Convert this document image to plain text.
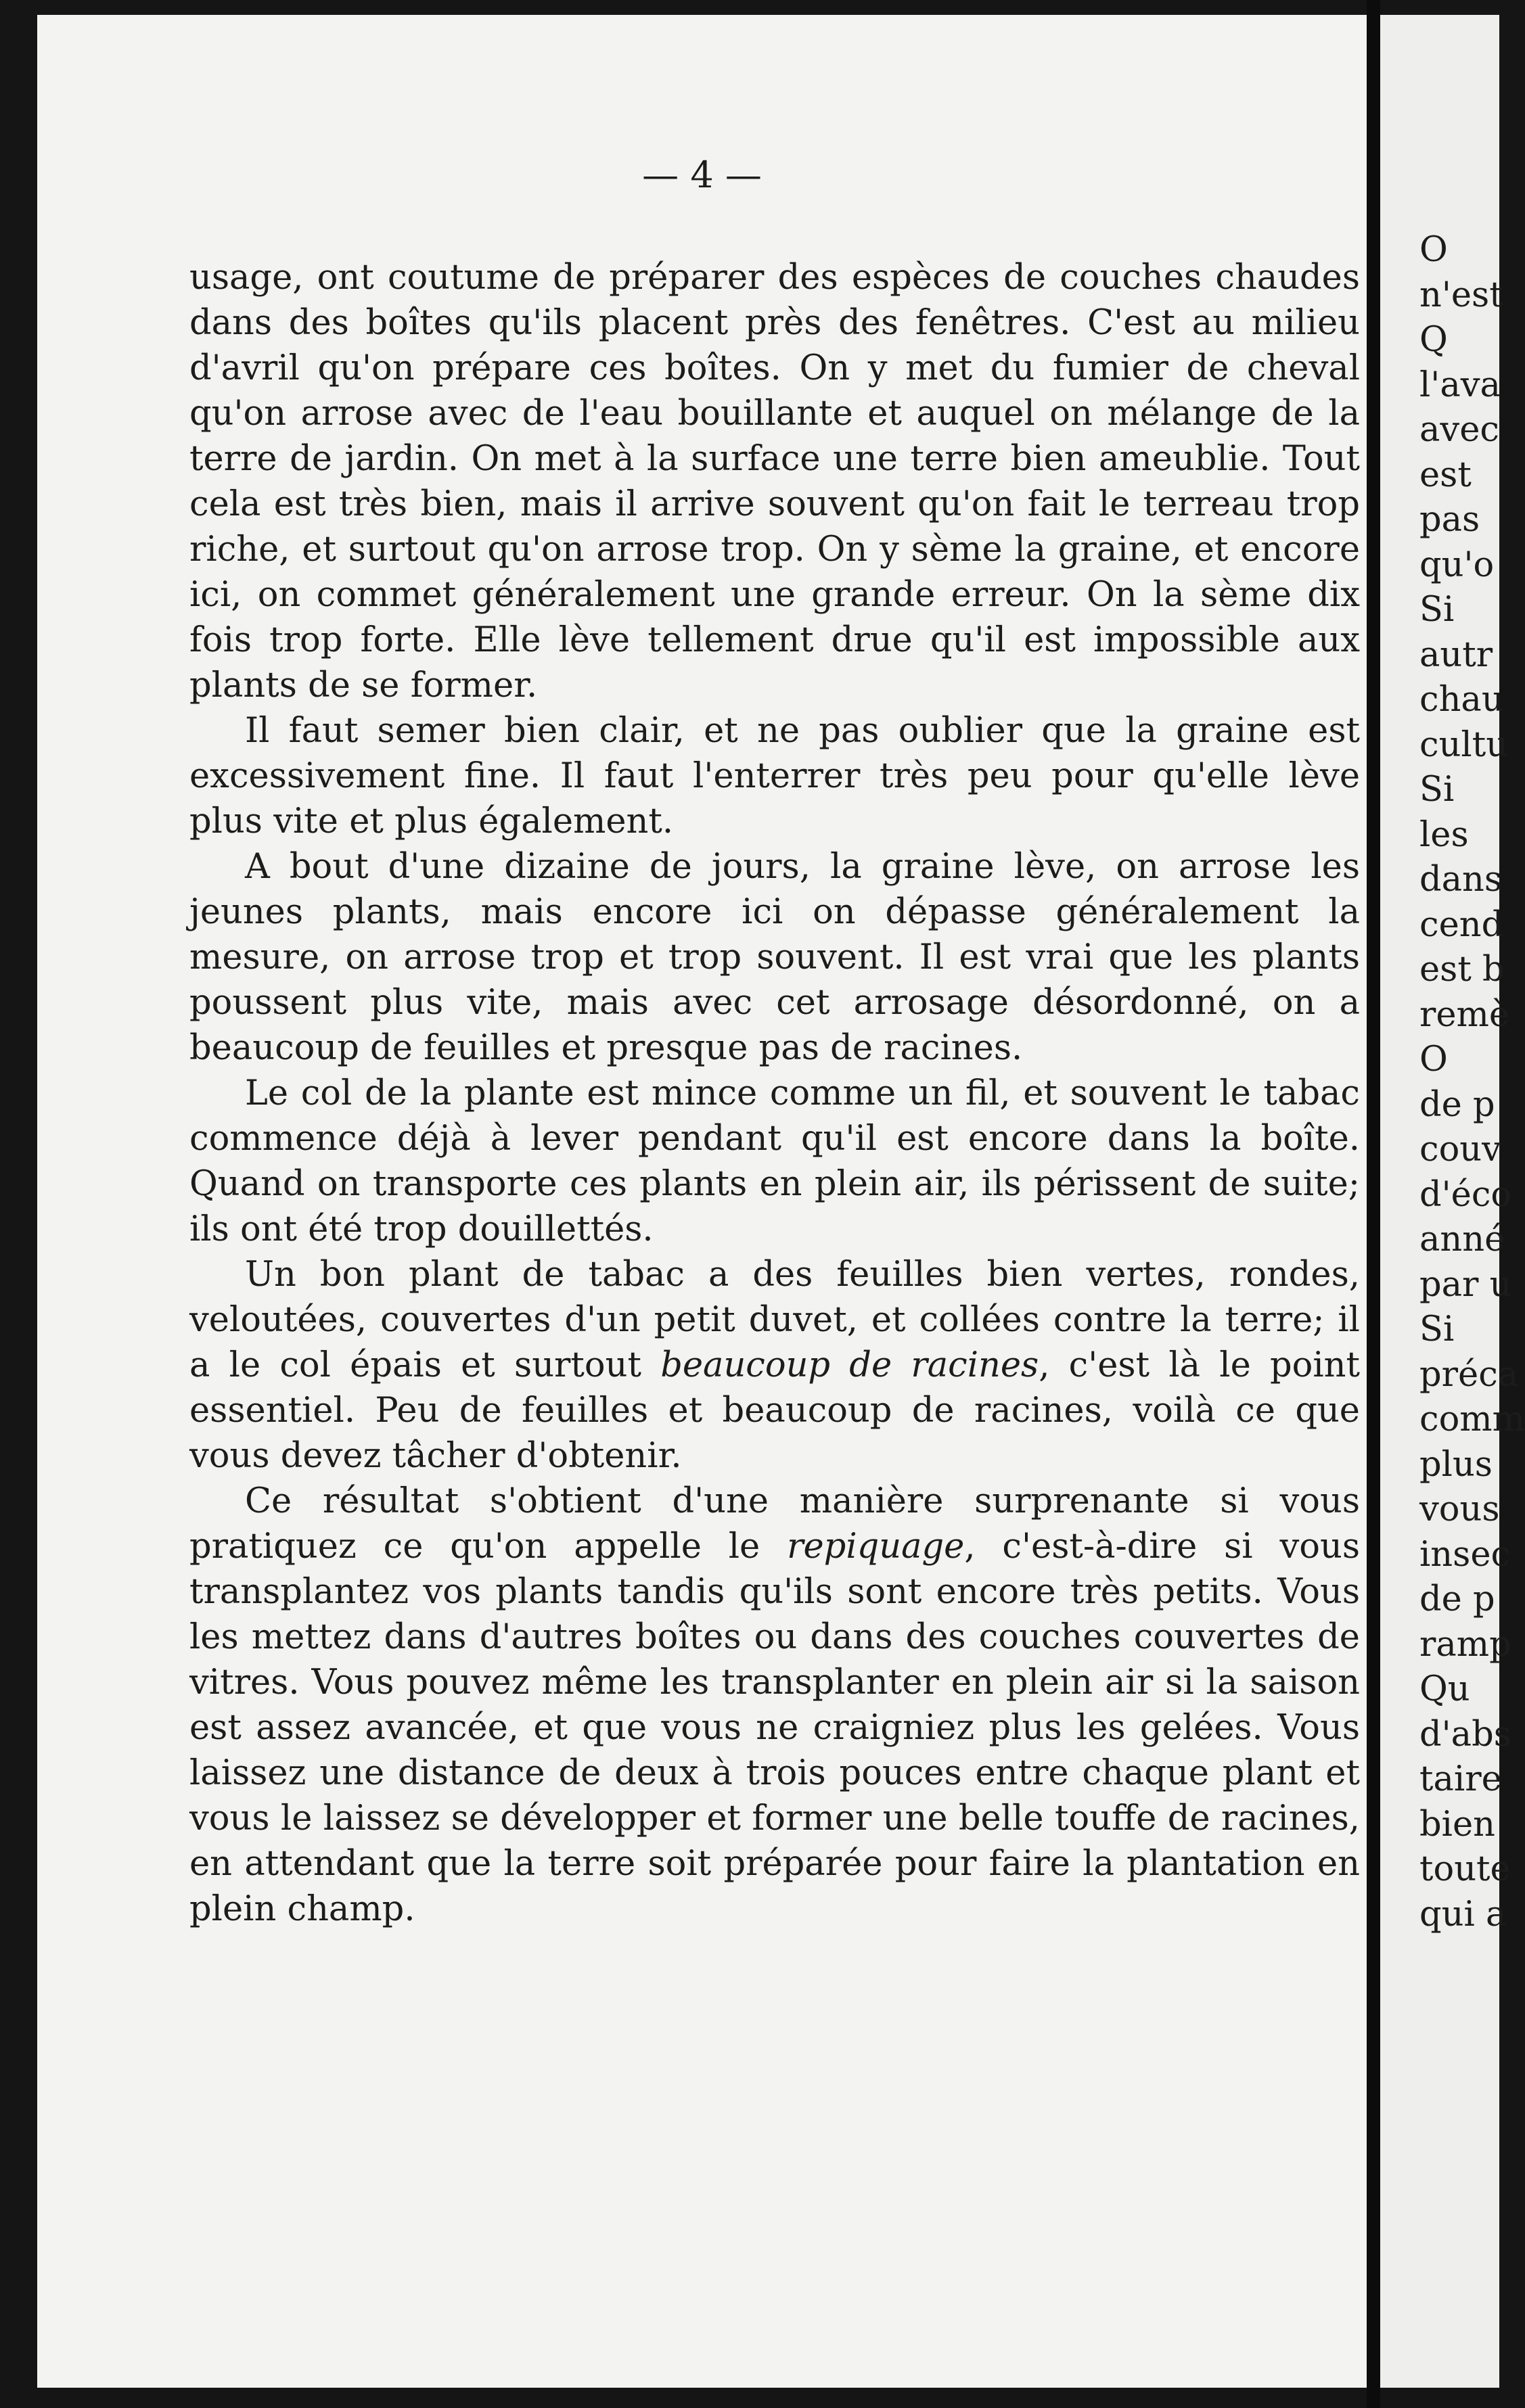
— 4 —

usage, ont coutume de préparer des espèces de couches chaudes dans des boîtes qu'ils placent près des fenêtres. C'est au milieu d'avril qu'on prépare ces boîtes. On y met du fumier de cheval qu'on arrose avec de l'eau bouillante et auquel on mélange de la terre de jardin. On met à la surface une terre bien ameublie. Tout cela est très bien, mais il arrive souvent qu'on fait le terreau trop riche, et surtout qu'on arrose trop. On y sème la graine, et encore ici, on commet généralement une grande erreur. On la sème dix fois trop forte. Elle lève tellement drue qu'il est impossible aux plants de se former.

Il faut semer bien clair, et ne pas oublier que la graine est excessivement fine. Il faut l'enterrer très peu pour qu'elle lève plus vite et plus également.

A bout d'une dizaine de jours, la graine lève, on arrose les jeunes plants, mais encore ici on dépasse généralement la mesure, on arrose trop et trop souvent. Il est vrai que les plants poussent plus vite, mais avec cet arrosage désordonné, on a beaucoup de feuilles et presque pas de racines.

Le col de la plante est mince comme un fil, et souvent le tabac commence déjà à lever pendant qu'il est encore dans la boîte. Quand on transporte ces plants en plein air, ils périssent de suite; ils ont été trop douillettés.

Un bon plant de tabac a des feuilles bien vertes, rondes, veloutées, couvertes d'un petit duvet, et collées contre la terre; il a le col épais et surtout beaucoup de racines, c'est là le point essentiel. Peu de feuilles et beaucoup de racines, voilà ce que vous devez tâcher d'obtenir.

Ce résultat s'obtient d'une manière surprenante si vous pratiquez ce qu'on appelle le repiquage, c'est-à-dire si vous transplantez vos plants tandis qu'ils sont encore très petits. Vous les mettez dans d'autres boîtes ou dans des couches couvertes de vitres. Vous pouvez même les transplanter en plein air si la saison est assez avancée, et que vous ne craigniez plus les gelées. Vous laissez une distance de deux à trois pouces entre chaque plant et vous le laissez se développer et former une belle touffe de racines, en attendant que la terre soit préparée pour faire la plantation en plein champ.

O
n'est
Q
l'ava
avec
est
pas
qu'o
Si
autr
chau
cultu
Si
les
dans
cend
est b
remè
O
de p
couv
d'éco
anné
par u
Si
préca
comm
plus
vous
insec
de p
ramp
Qu
d'abs
taire
bien
toute
qui a
